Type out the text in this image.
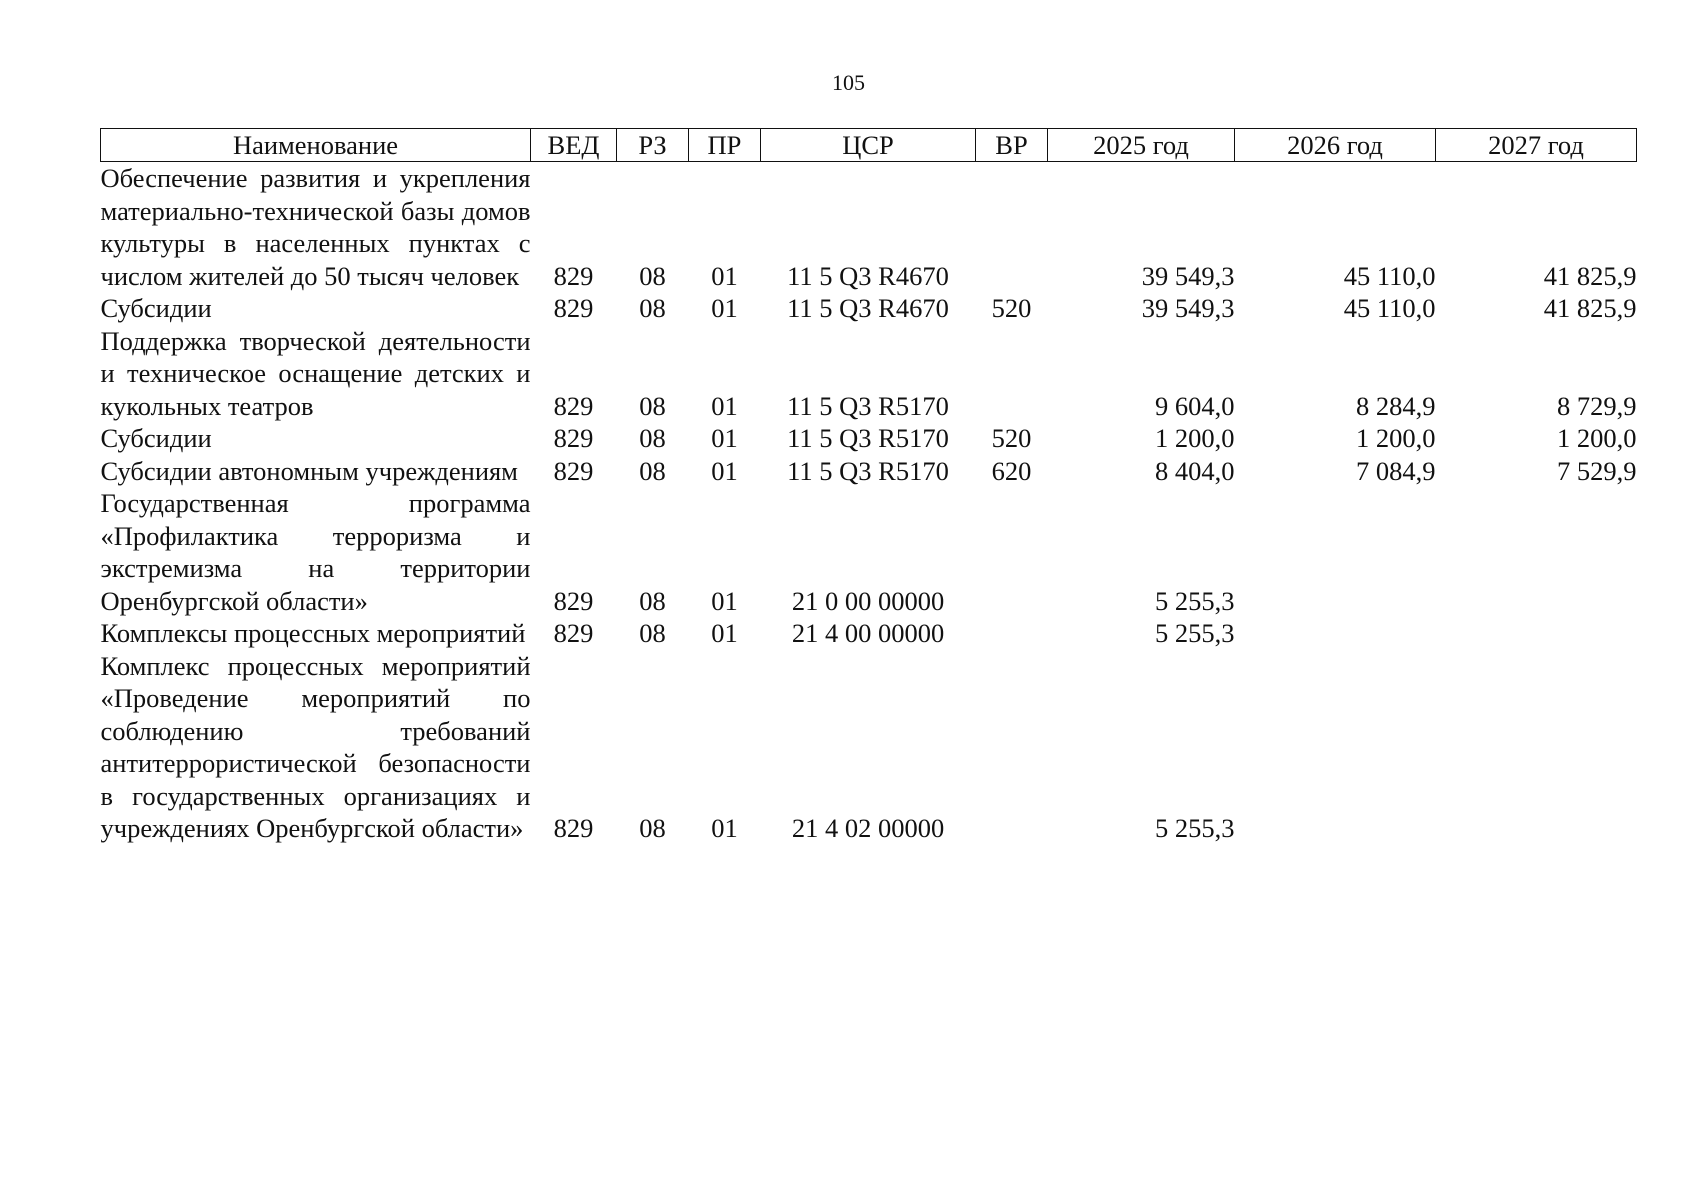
105
Наименование	ВЕД	РЗ	ПР	ЦСР	ВР	2025 год	2026 год	2027 год
Обеспечение развития и укрепления материально-технической базы домов культуры в населенных пунктах с числом жителей до 50 тысяч человек	829	08	01	11 5 Q3 R4670		39 549,3	45 110,0	41 825,9
Субсидии	829	08	01	11 5 Q3 R4670	520	39 549,3	45 110,0	41 825,9
Поддержка творческой деятельности и техническое оснащение детских и кукольных театров	829	08	01	11 5 Q3 R5170		9 604,0	8 284,9	8 729,9
Субсидии	829	08	01	11 5 Q3 R5170	520	1 200,0	1 200,0	1 200,0
Субсидии автономным учреждениям	829	08	01	11 5 Q3 R5170	620	8 404,0	7 084,9	7 529,9
Государственная программа «Профилактика терроризма и экстремизма на территории Оренбургской области»	829	08	01	21 0 00 00000		5 255,3		
Комплексы процессных мероприятий	829	08	01	21 4 00 00000		5 255,3		
Комплекс процессных мероприятий «Проведение мероприятий по соблюдению требований антитеррористической безопасности в государственных организациях и учреждениях Оренбургской области»	829	08	01	21 4 02 00000		5 255,3		
